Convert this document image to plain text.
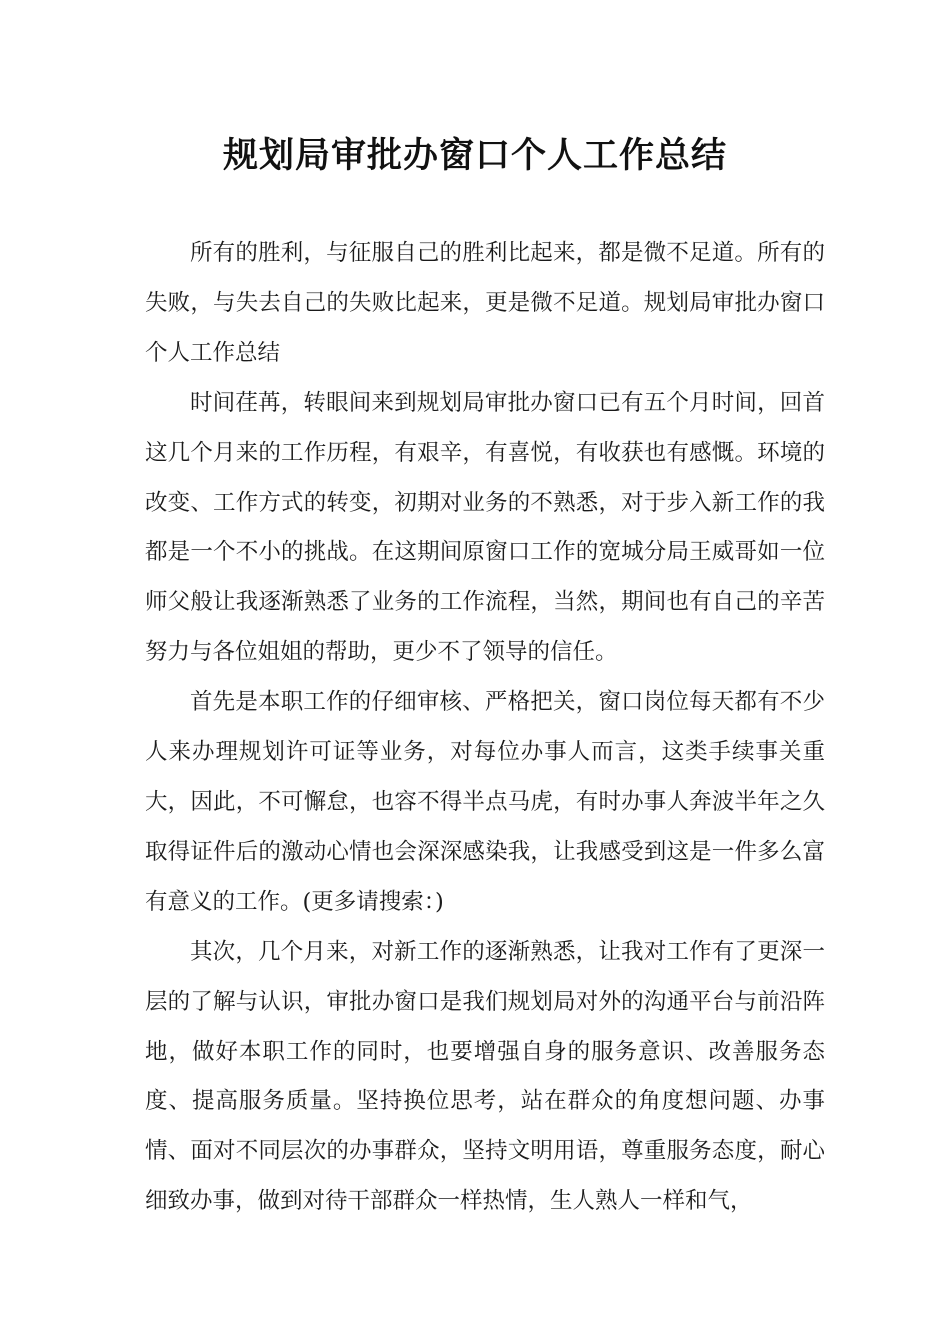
规划局审批办窗口个人工作总结

所有的胜利，与征服自己的胜利比起来，都是微不足道。所有的失败，与失去自己的失败比起来，更是微不足道。规划局审批办窗口个人工作总结

时间荏苒，转眼间来到规划局审批办窗口已有五个月时间，回首这几个月来的工作历程，有艰辛，有喜悦，有收获也有感慨。环境的改变、工作方式的转变，初期对业务的不熟悉，对于步入新工作的我都是一个不小的挑战。在这期间原窗口工作的宽城分局王威哥如一位师父般让我逐渐熟悉了业务的工作流程，当然，期间也有自己的辛苦努力与各位姐姐的帮助，更少不了领导的信任。

首先是本职工作的仔细审核、严格把关，窗口岗位每天都有不少人来办理规划许可证等业务，对每位办事人而言，这类手续事关重大，因此，不可懈怠，也容不得半点马虎，有时办事人奔波半年之久取得证件后的激动心情也会深深感染我，让我感受到这是一件多么富有意义的工作。(更多请搜索：)

其次，几个月来，对新工作的逐渐熟悉，让我对工作有了更深一层的了解与认识，审批办窗口是我们规划局对外的沟通平台与前沿阵地，做好本职工作的同时，也要增强自身的服务意识、改善服务态度、提高服务质量。坚持换位思考，站在群众的角度想问题、办事情、面对不同层次的办事群众，坚持文明用语，尊重服务态度，耐心细致办事，做到对待干部群众一样热情，生人熟人一样和气，
